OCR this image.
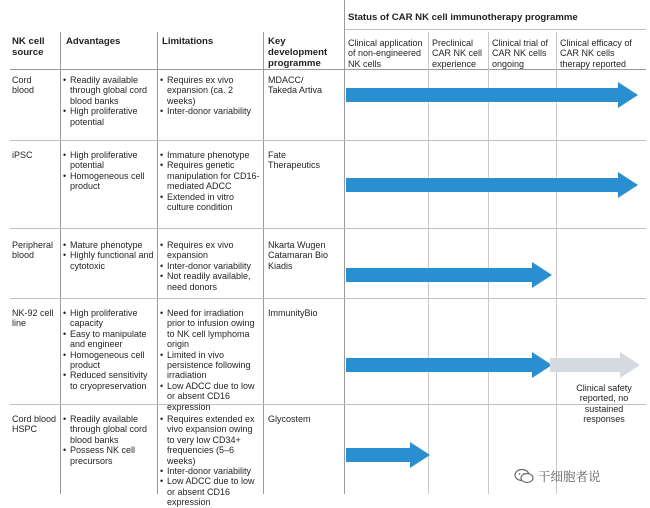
Status of CAR NK cell immunotherapy programme
NK cell source
Advantages	Limitations	Key development programme
Clinical application of non-engineered NK cells
Preclinical CAR NK cell experience
Clinical trial of CAR NK cells ongoing
Clinical efficacy of CAR NK cells therapy reported
Cord blood
• Readily available through global cord blood banks
• High proliferative potential
• Requires ex vivo expansion (ca. 2 weeks)
• Inter-donor variability
MDACC/ Takeda Artiva
iPSC
•	High proliferative potential
• Homogeneous cell product
• Immature phenotype
• Requires genetic manipulation for CD16-mediated ADCC
• Extended in vitro culture condition
Fate Therapeutics
Peripheral blood
• Mature phenotype
• Highly functional and cytotoxic
• Requires ex vivo expansion
• Inter-donor variability
• Not readily available, need donors
Nkarta Wugen Catamaran Bio Kiadis
NK-92 cell line
• High proliferative capacity
• Easy to manipulate and engineer
• Homogeneous cell product
• Reduced sensitivity to cryopreservation
• Need for irradiation prior to infusion owing to NK cell lymphoma origin
• Limited in vivo persistence following irradiation
• Low ADCC due to low or absent CD16 expression
ImmunityBio
Clinical safety reported, no sustained responses
Cord blood HSPC
• Readily available through global cord blood banks
• Possess NK cell precursors
• Requires extended ex vivo expansion owing to very low CD34+ frequencies (5–6 weeks)
• Inter-donor variability
• Low ADCC due to low or absent CD16 expression
Glycostem
干细胞者说
